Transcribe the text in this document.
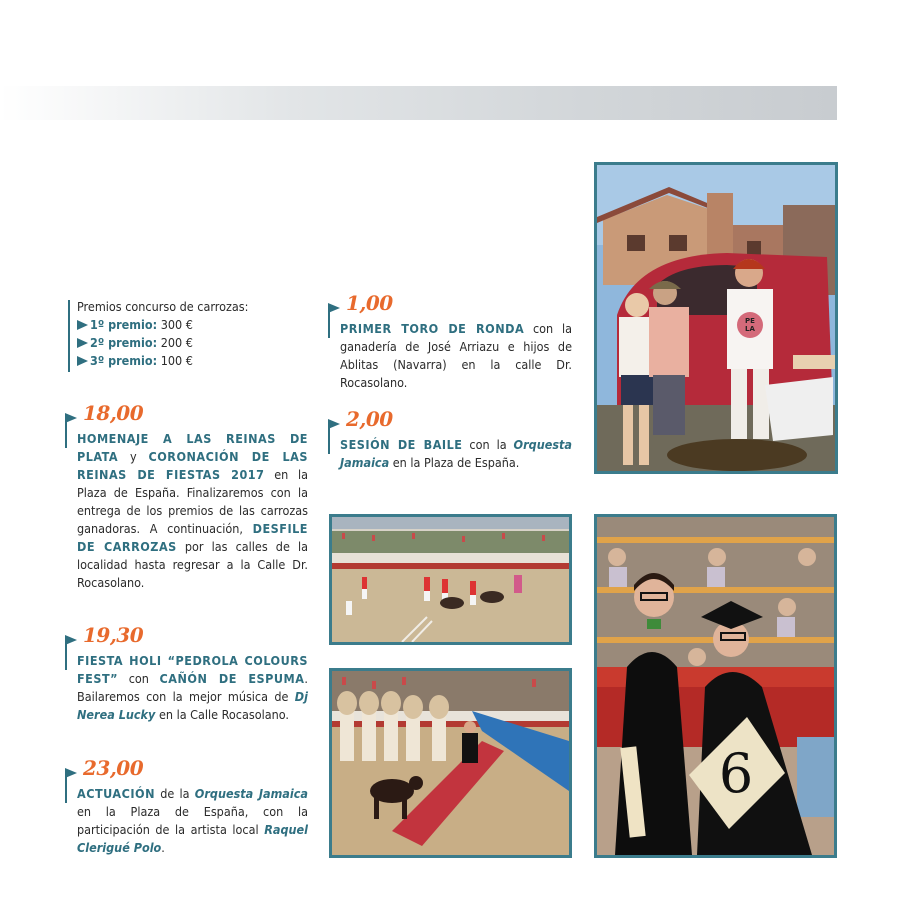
Premios concurso de carrozas:
1º premio: 300 €
2º premio: 200 €
3º premio: 100 €
18,00

HOMENAJE A LAS REINAS DE PLATA y CORONACIÓN DE LAS REINAS DE FIESTAS 2017 en la Plaza de España. Finalizaremos con la entrega de los premios de las carrozas ganadoras. A continuación, DESFILE DE CARROZAS por las calles de la localidad hasta regresar a la Calle Dr. Rocasolano.

19,30

FIESTA HOLI “PEDROLA COLOURS FEST” con CAÑÓN DE ESPUMA. Bailaremos con la mejor música de Dj Nerea Lucky en la Calle Rocasolano.

23,00

ACTUACIÓN de la Orquesta Jamaica en la Plaza de España, con la participación de la artista local Raquel Clerigué Polo.

1,00

PRIMER TORO DE RONDA con la ganadería de José Arriazu e hijos de Ablitas (Navarra) en la calle Dr. Rocasolano.

2,00

SESIÓN DE BAILE con la Orquesta Jamaica en la Plaza de España.

PE
LA
6
